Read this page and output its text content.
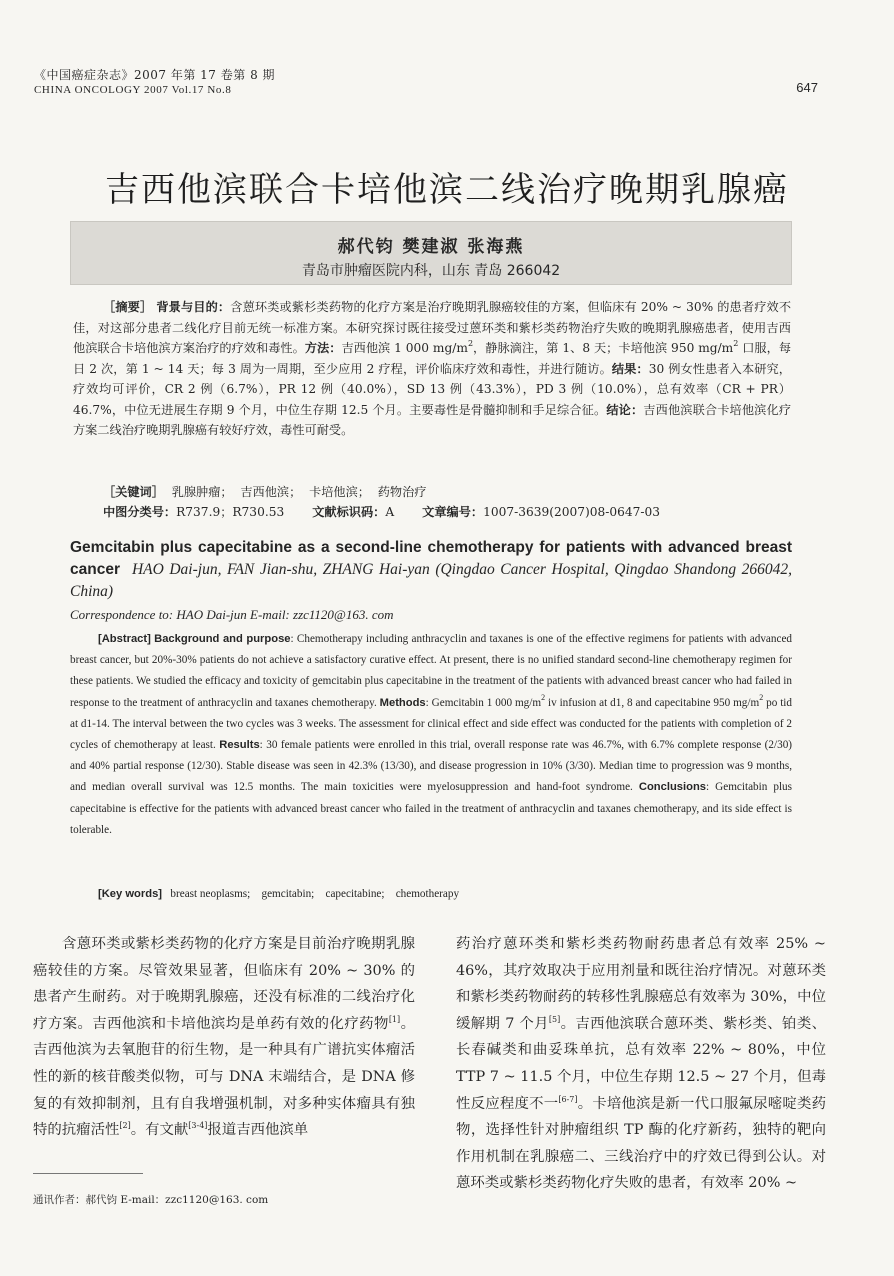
《中国癌症杂志》2007 年第 17 卷第 8 期
CHINA ONCOLOGY 2007 Vol.17 No.8	647
吉西他滨联合卡培他滨二线治疗晚期乳腺癌
郝代钧 樊建淑 张海燕
青岛市肿瘤医院内科，山东 青岛 266042
［摘要］ 背景与目的：含蒽环类或紫杉类药物的化疗方案是治疗晚期乳腺癌较佳的方案，但临床有 20% ~ 30% 的患者疗效不佳，对这部分患者二线化疗目前无统一标准方案。本研究探讨既往接受过蒽环类和紫杉类药物治疗失败的晚期乳腺癌患者，使用吉西他滨联合卡培他滨方案治疗的疗效和毒性。方法：吉西他滨 1 000 $mg/m^2$，静脉滴注，第 1、8 天；卡培他滨 950 $mg/m^2$ 口服，每日 2 次，第 1 ~ 14 天；每 3 周为一周期，至少应用 2 疗程，评价临床疗效和毒性，并进行随访。结果：30 例女性患者入本研究，疗效均可评价，CR 2 例（6.7%），PR 12 例（40.0%），SD 13 例（43.3%），PD 3 例（10.0%），总有效率（CR + PR）46.7%，中位无进展生存期 9 个月，中位生存期 12.5 个月。主要毒性是骨髓抑制和手足综合征。结论：吉西他滨联合卡培他滨化疗方案二线治疗晚期乳腺癌有较好疗效，毒性可耐受。
［关键词］ 乳腺肿瘤； 吉西他滨； 卡培他滨； 药物治疗
中图分类号：R737.9；R730.53 文献标识码：A 文章编号：1007-3639(2007)08-0647-03
Gemcitabin plus capecitabine as a second-line chemotherapy for patients with advanced breast cancer HAO Dai-jun, FAN Jian-shu, ZHANG Hai-yan (Qingdao Cancer Hospital, Qingdao Shandong 266042, China)
Correspondence to: HAO Dai-jun E-mail: zzc1120@163. com
[Abstract] Background and purpose: Chemotherapy including anthracyclin and taxanes is one of the effective regimens for patients with advanced breast cancer, but 20%-30% patients do not achieve a satisfactory curative effect. At present, there is no unified standard second-line chemotherapy regimen for these patients. We studied the efficacy and toxicity of gemcitabin plus capecitabine in the treatment of the patients with advanced breast cancer who had failed in response to the treatment of anthracyclin and taxanes chemotherapy. Methods: Gemcitabin 1 000 $mg/m^2$ iv infusion at d1, 8 and capecitabine 950 $mg/m^2$ po tid at d1-14. The interval between the two cycles was 3 weeks. The assessment for clinical effect and side effect was conducted for the patients with completion of 2 cycles of chemotherapy at least. Results: 30 female patients were enrolled in this trial, overall response rate was 46.7%, with 6.7% complete response (2/30) and 40% partial response (12/30). Stable disease was seen in 42.3% (13/30), and disease progression in 10% (3/30). Median time to progression was 9 months, and median overall survival was 12.5 months. The main toxicities were myelosuppression and hand-foot syndrome. Conclusions: Gemcitabin plus capecitabine is effective for the patients with advanced breast cancer who failed in the treatment of anthracyclin and taxanes chemotherapy, and its side effect is tolerable.
[Key words] breast neoplasms; gemcitabin; capecitabine; chemotherapy
含蒽环类或紫杉类药物的化疗方案是目前治疗晚期乳腺癌较佳的方案。尽管效果显著，但临床有 20% ~ 30% 的患者产生耐药。对于晚期乳腺癌，还没有标准的二线治疗化疗方案。吉西他滨和卡培他滨均是单药有效的化疗药物[1]。吉西他滨为去氧胞苷的衍生物，是一种具有广谱抗实体瘤活性的新的核苷酸类似物，可与 DNA 末端结合，是 DNA 修复的有效抑制剂，且有自我增强机制，对多种实体瘤具有独特的抗瘤活性[2]。有文献[3-4]报道吉西他滨单
药治疗蒽环类和紫杉类药物耐药患者总有效率 25% ~ 46%，其疗效取决于应用剂量和既往治疗情况。对蒽环类和紫杉类药物耐药的转移性乳腺癌总有效率为 30%，中位缓解期 7 个月[5]。吉西他滨联合蒽环类、紫杉类、铂类、长春碱类和曲妥珠单抗，总有效率 22% ~ 80%，中位 TTP 7 ~ 11.5 个月，中位生存期 12.5 ~ 27 个月，但毒性反应程度不一[6-7]。卡培他滨是新一代口服氟尿嘧啶类药物，选择性针对肿瘤组织 TP 酶的化疗新药，独特的靶向作用机制在乳腺癌二、三线治疗中的疗效已得到公认。对蒽环类或紫杉类药物化疗失败的患者，有效率 20% ~
通讯作者：郝代钧 E-mail：zzc1120@163. com
